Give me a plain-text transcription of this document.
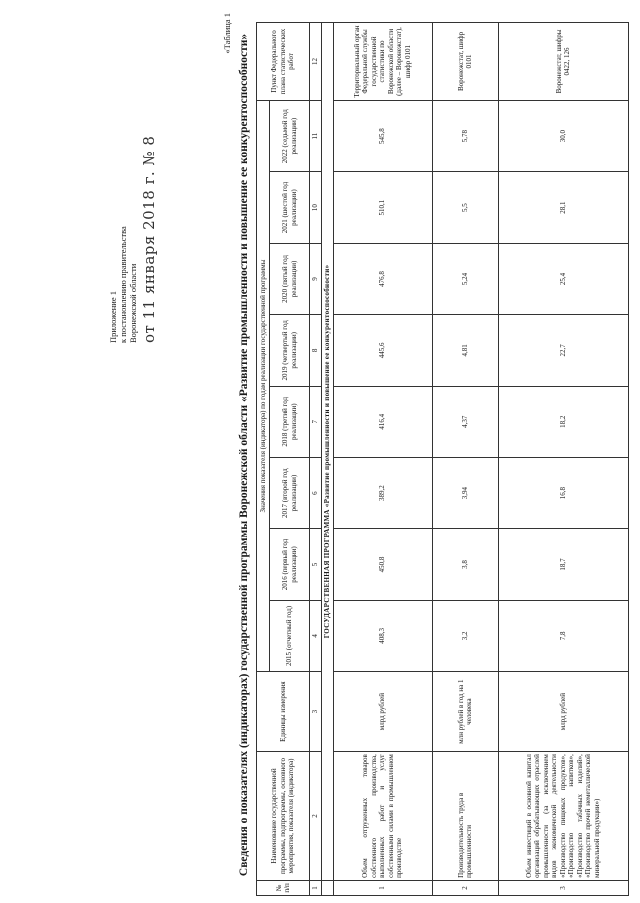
Приложение 1 к постановлению правительства Воронежской области от 11 января 2018 г. № 8
«Таблица 1
Сведения о показателях (индикаторах) государственной программы Воронежской области «Развитие промышленности и повышение ее конкурентоспособности»
№ п/п	Наименование государственной программы, подпрограммы, основного мероприятия, показателя (индикатора)	Единицы измерения	Значения показателя (индикатора) по годам реализации государственной программы								Пункт Федерального плана статистических работ
			2015 (отчетный год)	2016 (первый год реализации)	2017 (второй год реализации)	2018 (третий год реализации)	2019 (четвертый год реализации)	2020 (пятый год реализации)	2021 (шестой год реализации)	2022 (седьмой год реализации)	
1	2	3	4	5	6	7	8	9	10	11	12
	ГОСУДАРСТВЕННАЯ ПРОГРАММА «Развитие промышленности и повышение ее конкурентоспособности»										
1	Объем отгруженных товаров собственного производства, выполненных работ и услуг собственными силами в промышленном производстве	млрд рублей	408,3	450,8	389,2	416,4	445,6	476,8	510,1	545,8	Территориальный орган Федеральной службы государственной статистики по Воронежской области (далее – Воронежстат), шифр 0101
2	Производительность труда в промышленности	млн рублей в год на 1 человека	3,2	3,8	3,94	4,37	4,81	5,24	5,5	5,78	Воронежстат, шифр 0101
3	Объем инвестиций в основной капитал организаций обрабатывающих отраслей промышленности (за исключением видов экономической деятельности «Производство пищевых продуктов», «Производство напитков», «Производство табачных изделий», «Производство прочей неметаллической минеральной продукции»)	млрд рублей	7,8	18,7	16,8	18,2	22,7	25,4	28,1	30,0	Воронежстат, шифры 0422, 126
